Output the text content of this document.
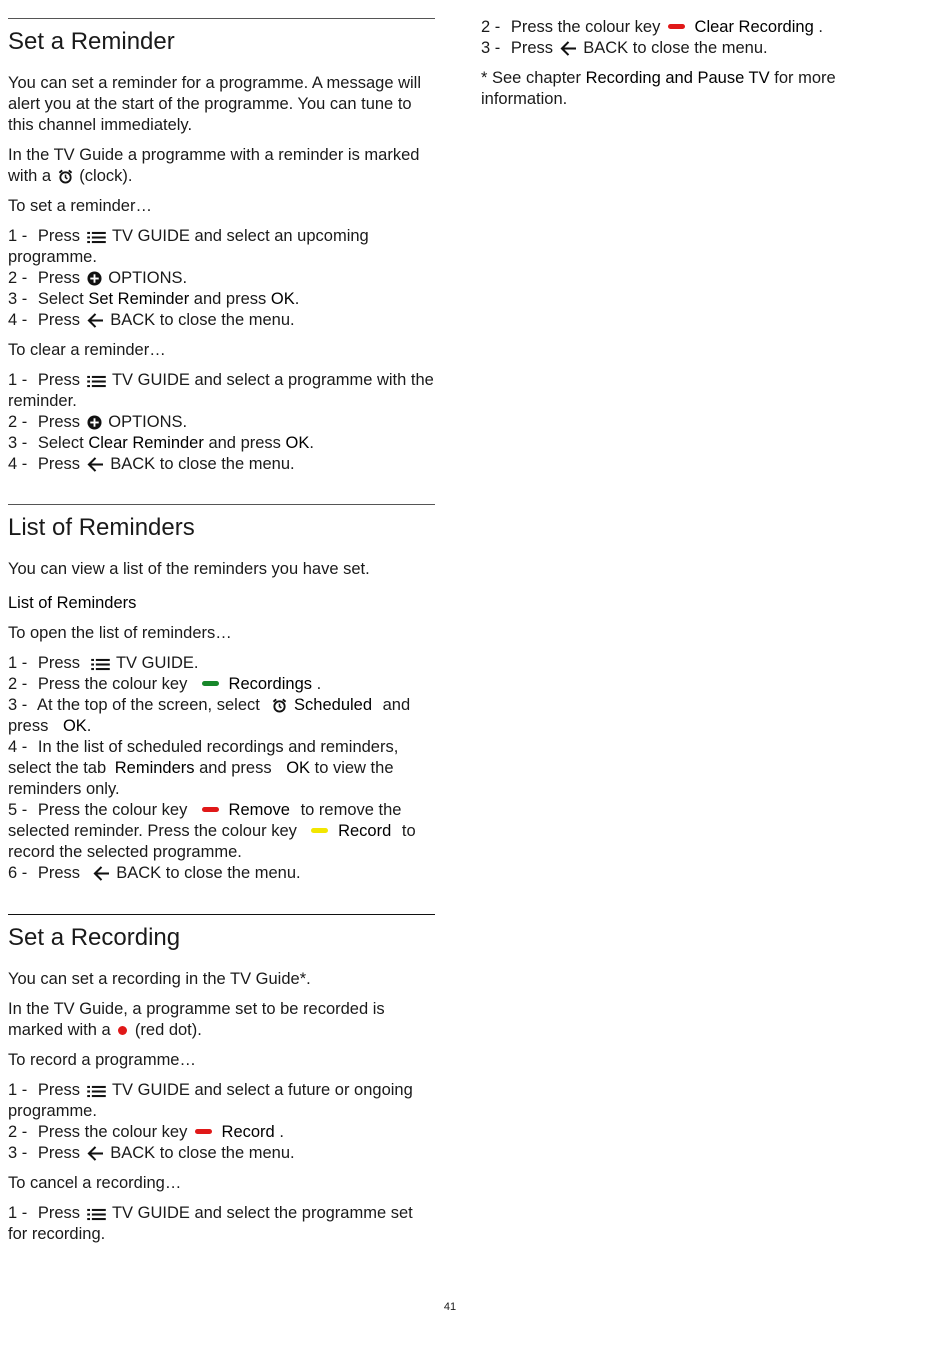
Set a Reminder

You can set a reminder for a programme. A message will alert you at the start of the programme. You can tune to this channel immediately.

In the TV Guide a programme with a reminder is marked with a (clock).

To set a reminder…

1 - Press TV GUIDE and select an upcoming programme.
2 - Press OPTIONS.
3 - Select Set Reminder and press OK.
4 - Press BACK to close the menu.

To clear a reminder…

1 - Press TV GUIDE and select a programme with the reminder.
2 - Press OPTIONS.
3 - Select Clear Reminder and press OK.
4 - Press BACK to close the menu.
List of Reminders

You can view a list of the reminders you have set.

List of Reminders

To open the list of reminders…

1 - Press TV GUIDE.
2 - Press the colour key Recordings .
3 - At the top of the screen, select Scheduled and press OK.
4 - In the list of scheduled recordings and reminders, select the tab Reminders and press OK to view the reminders only.
5 - Press the colour key Remove to remove the selected reminder. Press the colour key Record to record the selected programme.
6 - Press BACK to close the menu.
Set a Recording

You can set a recording in the TV Guide*.

In the TV Guide, a programme set to be recorded is marked with a (red dot).

To record a programme…

1 - Press TV GUIDE and select a future or ongoing programme.
2 - Press the colour key Record .
3 - Press BACK to close the menu.

To cancel a recording…

1 - Press TV GUIDE and select the programme set for recording.
2 - Press the colour key Clear Recording .
3 - Press BACK to close the menu.

* See chapter Recording and Pause TV for more information.

41
